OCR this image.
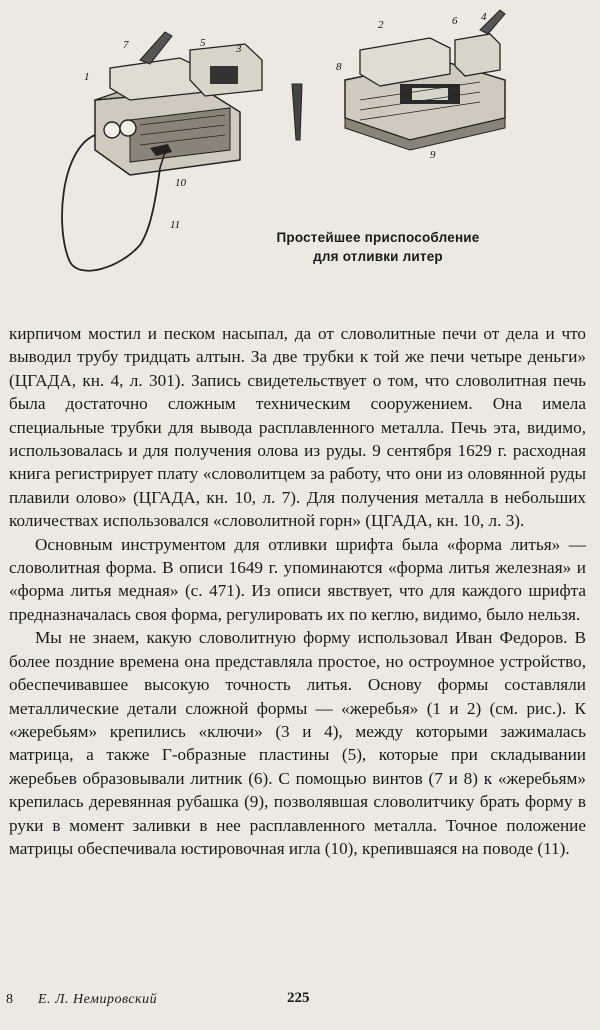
7	5	3
1
10
11
2	6 4
8
9
Простейшее приспособление
для отливки литер

кирпичом мостил и песком насыпал, да от словолитные печи от дела и что выводил трубу тридцать алтын. За две трубки к той же печи четыре деньги» (ЦГАДА, кн. 4, л. 301). Запись свидетельствует о том, что словолитная печь была достаточно сложным техническим сооружением. Она имела специальные трубки для вывода расплавленного металла. Печь эта, видимо, использовалась и для получения олова из руды. 9 сентября 1629 г. расходная книга регистрирует плату «словолитцем за работу, что они из оловянной руды плавили олово» (ЦГАДА, кн. 10, л. 7). Для получения металла в небольших количествах использовался «словолитной горн» (ЦГАДА, кн. 10, л. 3).

Основным инструментом для отливки шрифта была «форма литья» — словолитная форма. В описи 1649 г. упоминаются «форма литья железная» и «форма литья медная» (с. 471). Из описи явствует, что для каждого шрифта предназначалась своя форма, регулировать их по кеглю, видимо, было нельзя.

Мы не знаем, какую словолитную форму использовал Иван Федоров. В более поздние времена она представляла простое, но остроумное устройство, обеспечивавшее высокую точность литья. Основу формы составляли металлические детали сложной формы — «жеребья» (1 и 2) (см. рис.). К «жеребьям» крепились «ключи» (3 и 4), между которыми зажималась матрица, а также Г-образные пластины (5), которые при складывании жеребьев образовывали литник (6). С помощью винтов (7 и 8) к «жеребьям» крепилась деревянная рубашка (9), позволявшая словолитчику брать форму в руки в момент заливки в нее расплавленного металла. Точное положение матрицы обеспечивала юстировочная игла (10), крепившаяся на поводе (11).

8 Е. Л. Немировский	225
